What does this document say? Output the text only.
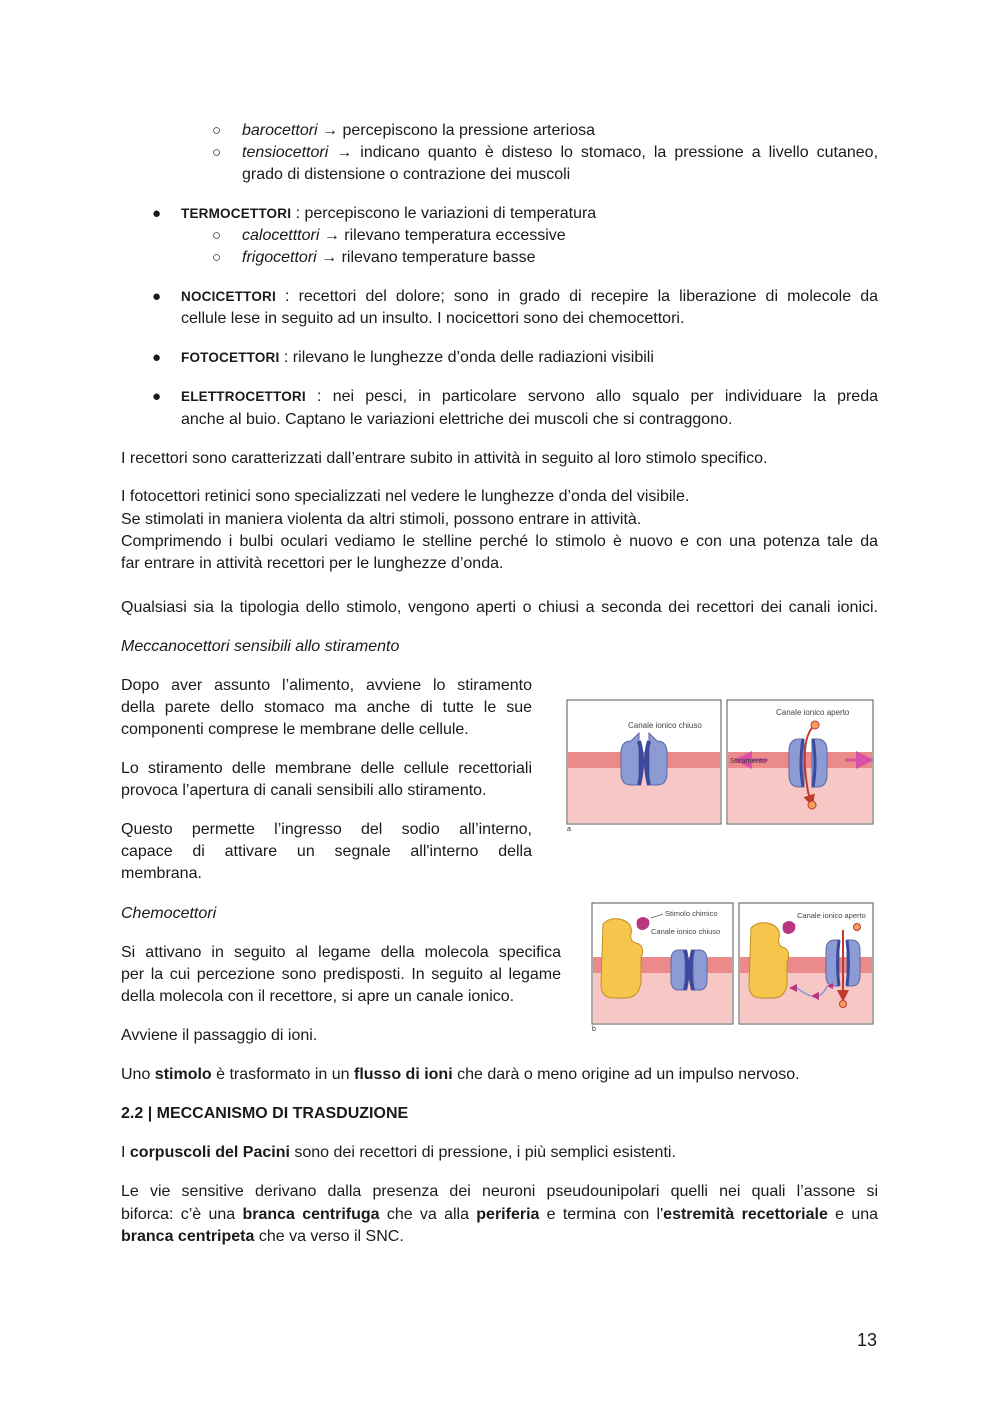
○ barocettori → percepiscono la pressione arteriosa
○ tensiocettori → indicano quanto è disteso lo stomaco, la pressione a livello cutaneo,
grado di distensione o contrazione dei muscoli
● TERMOCETTORI : percepiscono le variazioni di temperatura
○ calocetttori → rilevano temperatura eccessive
○ frigocettori → rilevano temperature basse
● NOCICETTORI : recettori del dolore; sono in grado di recepire la liberazione di molecole da
cellule lese in seguito ad un insulto. I nocicettori sono dei chemocettori.
● FOTOCETTORI : rilevano le lunghezze d’onda delle radiazioni visibili
● ELETTROCETTORI : nei pesci, in particolare servono allo squalo per individuare la preda
anche al buio. Captano le variazioni elettriche dei muscoli che si contraggono.
I recettori sono caratterizzati dall’entrare subito in attività in seguito al loro stimolo specifico.
I fotocettori retinici sono specializzati nel vedere le lunghezze d’onda del visibile.
Se stimolati in maniera violenta da altri stimoli, possono entrare in attività.
Comprimendo i bulbi oculari vediamo le stelline perché lo stimolo è nuovo e con una potenza tale da
far entrare in attività recettori per le lunghezze d’onda.
Qualsiasi sia la tipologia dello stimolo, vengono aperti o chiusi a seconda dei recettori dei canali ionici.
Meccanocettori sensibili allo stiramento
Dopo aver assunto l’alimento, avviene lo stiramento
della parete dello stomaco ma anche di tutte le sue
componenti comprese le membrane delle cellule.
Lo stiramento delle membrane delle cellule recettoriali
provoca l’apertura di canali sensibili allo stiramento.
Questo permette l’ingresso del sodio all’interno,
capace di attivare un segnale all'interno della
membrana.
Canale ionico chiuso
Canale ionico aperto
Stiramento
a
Chemocettori
Si attivano in seguito al legame della molecola specifica
per la cui percezione sono predisposti. In seguito al legame
della molecola con il recettore, si apre un canale ionico.
Avviene il passaggio di ioni.
Stimolo chimico
Canale ionico chiuso
Canale ionico aperto
b
Uno stimolo è trasformato in un flusso di ioni che darà o meno origine ad un impulso nervoso.
2.2 | MECCANISMO DI TRASDUZIONE
I corpuscoli del Pacini sono dei recettori di pressione, i più semplici esistenti.
Le vie sensitive derivano dalla presenza dei neuroni pseudounipolari quelli nei quali l’assone si
biforca: c’è una branca centrifuga che va alla periferia e termina con l'estremità recettoriale e una
branca centripeta che va verso il SNC.
13
